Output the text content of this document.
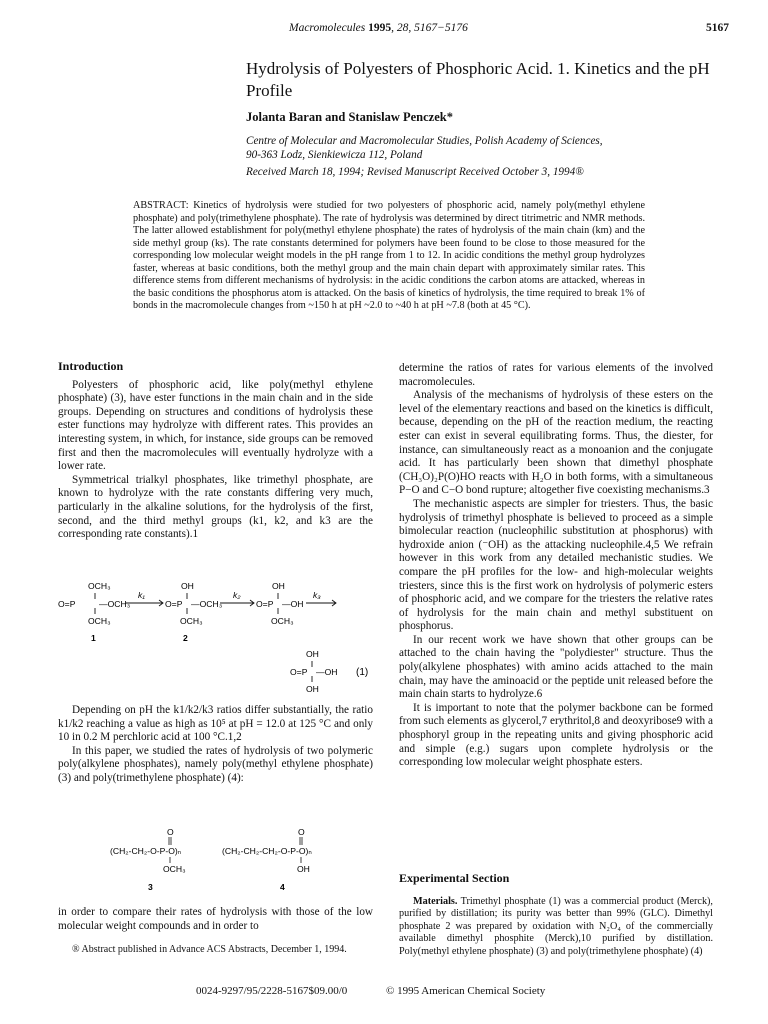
Macromolecules 1995, 28, 5167−5176	5167
Hydrolysis of Polyesters of Phosphoric Acid. 1. Kinetics and the pH Profile
Jolanta Baran and Stanislaw Penczek*
Centre of Molecular and Macromolecular Studies, Polish Academy of Sciences,
90-363 Lodz, Sienkiewicza 112, Poland
Received March 18, 1994; Revised Manuscript Received October 3, 1994®
ABSTRACT: Kinetics of hydrolysis were studied for two polyesters of phosphoric acid, namely poly(methyl ethylene phosphate) and poly(trimethylene phosphate). The rate of hydrolysis was determined by direct titrimetric and NMR methods. The latter allowed establishment for poly(methyl ethylene phosphate) the rates of hydrolysis of the main chain (km) and the side methyl group (ks). The rate constants determined for polymers have been found to be close to those measured for the corresponding low molecular weight models in the pH range from 1 to 12. In acidic conditions the methyl group hydrolyzes faster, whereas at basic conditions, both the methyl group and the main chain depart with approximately similar rates. This difference stems from different mechanisms of hydrolysis: in the acidic conditions the carbon atoms are attacked, whereas in the basic conditions the phosphorus atom is attacked. On the basis of kinetics of hydrolysis, the time required to break 1% of bonds in the macromolecule changes from ~150 h at pH ~2.0 to ~40 h at pH ~7.8 (both at 45 °C).
Introduction

Polyesters of phosphoric acid, like poly(methyl ethylene phosphate) (3), have ester functions in the main chain and in the side groups. Depending on structures and conditions of hydrolysis these ester functions may hydrolyze with different rates. This provides an interesting system, in which, for instance, side groups can be removed first and then the macromolecules will eventually hydrolyze with a lower rate.

Symmetrical trialkyl phosphates, like trimethyl phosphate, are known to hydrolyze with the rate constants differing very much, particularly in the alkaline solutions, for the hydrolysis of the first, second, and the third methyl groups (k1, k2, and k3 are the corresponding rate constants).1

OCH₃
O=P	—OCH₃
OCH₃
k₁
OH
O=P —OCH₃
OCH₃
k₂
OH
O=P —OH
OCH₃
k₃
1	2
OH
O=P —OH
OH
(1)

Depending on pH the k1/k2/k3 ratios differ substantially, the ratio k1/k2 reaching a value as high as 10⁵ at pH = 12.0 at 125 °C and only 10 in 0.2 M perchloric acid at 100 °C.1,2

In this paper, we studied the rates of hydrolysis of two polymeric poly(alkylene phosphates), namely poly(methyl ethylene phosphate) (3) and poly(trimethylene phosphate) (4):

O
(CH₂-CH₂-O-P-O)ₙ
OCH₃
3
O
(CH₂-CH₂-CH₂-O-P-O)ₙ
OH
4

in order to compare their rates of hydrolysis with those of the low molecular weight compounds and in order to

® Abstract published in Advance ACS Abstracts, December 1, 1994.

determine the ratios of rates for various elements of the involved macromolecules.

Analysis of the mechanisms of hydrolysis of these esters on the level of the elementary reactions and based on the kinetics is difficult, because, depending on the pH of the reaction medium, the reacting ester can exist in several equilibrating forms. Thus, the diester, for instance, can simultaneously react as a monoanion and the conjugate acid. It has particularly been shown that dimethyl phosphate (CH₃O)₂P(O)HO reacts with H₂O in both forms, with a simultaneous P−O and C−O bond rupture; altogether five coexisting mechanisms.3

The mechanistic aspects are simpler for triesters. Thus, the basic hydrolysis of trimethyl phosphate is believed to proceed as a simple bimolecular reaction (nucleophilic substitution at phosphorus) with hydroxide anion (⁻OH) as the attacking nucleophile.4,5 We refrain however in this work from any detailed mechanistic studies. We compare the pH profiles for the low- and high-molecular weights triesters, since this is the first work on hydrolysis of polymeric esters of phosphoric acid, and we compare for the triesters the relative rates of hydrolysis for the main chain and methyl substituent on phosphorus.

In our recent work we have shown that other groups can be attached to the chain having the "polydiester" structure. Thus the poly(alkylene phosphates) with amino acids attached to the main chain, may have the aminoacid or the peptide unit released before the main chain starts to hydrolyze.6

It is important to note that the polymer backbone can be formed from such elements as glycerol,7 erythritol,8 and deoxyribose9 with a phosphoryl group in the repeating units and giving phosphoric acid and simple (e.g.) sugars upon complete hydrolysis or the corresponding low molecular weight phosphate esters.

Experimental Section
Materials. Trimethyl phosphate (1) was a commercial product (Merck), purified by distillation; its purity was better than 99% (GLC). Dimethyl phosphate 2 was prepared by oxidation with N₂O₄ of the commercially available dimethyl phosphite (Merck),10 purified by distillation. Poly(methyl ethylene phosphate) (3) and poly(trimethylene phosphate) (4)
0024-9297/95/2228-5167$09.00/0	© 1995 American Chemical Society
